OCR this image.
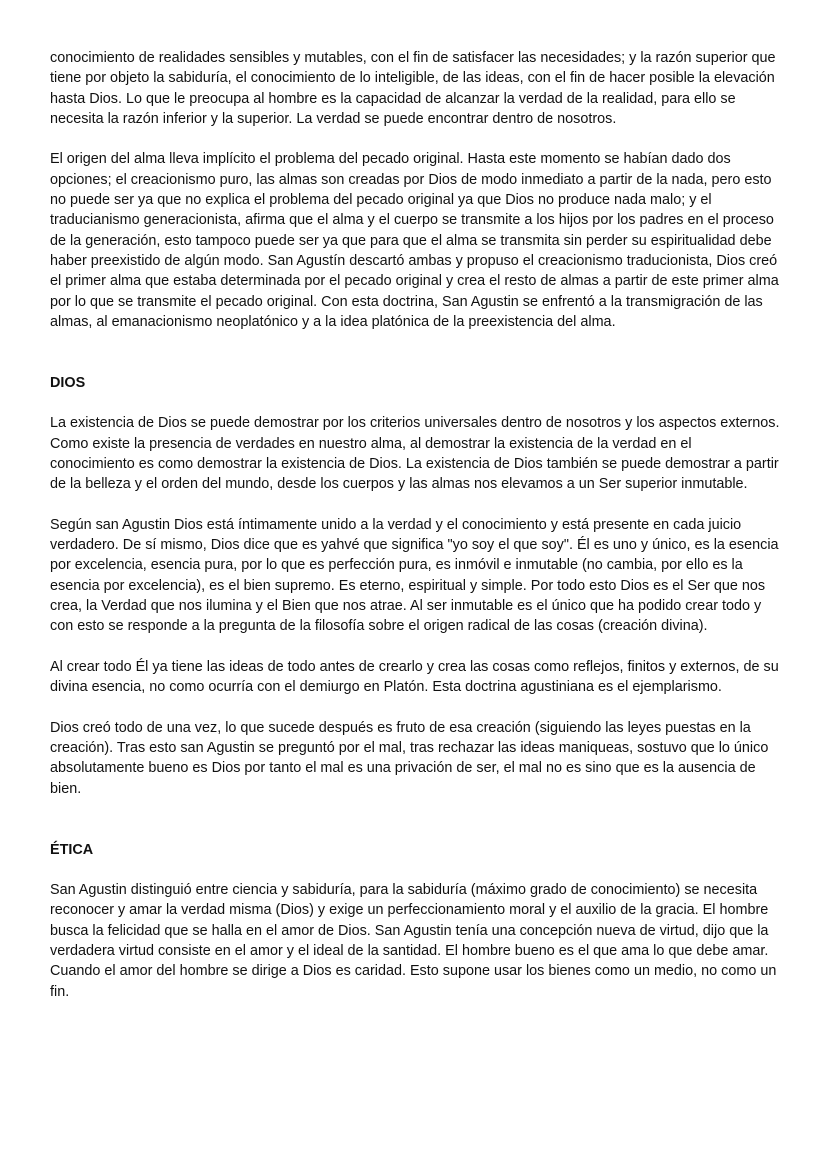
conocimiento de realidades sensibles y mutables, con el fin de satisfacer las necesidades; y la razón superior que tiene por objeto la sabiduría, el conocimiento de lo inteligible, de las ideas, con el fin de hacer posible la elevación hasta Dios. Lo que le preocupa al hombre es la capacidad de alcanzar la verdad de la realidad, para ello se necesita la razón inferior y la superior. La verdad se puede encontrar dentro de nosotros.

El origen del alma lleva implícito el problema del pecado original. Hasta este momento se habían dado dos opciones; el creacionismo puro, las almas son creadas por Dios de modo inmediato a partir de la nada, pero esto no puede ser ya que no explica el problema del pecado original ya que Dios no produce nada malo; y el traducianismo generacionista, afirma que el alma y el cuerpo se transmite a los hijos por los padres en el proceso de la generación, esto tampoco puede ser ya que para que el alma se transmita sin perder su espiritualidad debe haber preexistido de algún modo. San Agustín descartó ambas y propuso el creacionismo traducionista, Dios creó el primer alma que estaba determinada por el pecado original y crea el resto de almas a partir de este primer alma por lo que se transmite el pecado original. Con esta doctrina, San Agustin se enfrentó a la transmigración de las almas, al emanacionismo neoplatónico y a la idea platónica de la preexistencia del alma.

DIOS

La existencia de Dios se puede demostrar por los criterios universales dentro de nosotros y los aspectos externos. Como existe la presencia de verdades en nuestro alma, al demostrar la existencia de la verdad en el conocimiento es como demostrar la existencia de Dios. La existencia de Dios también se puede demostrar a partir de la belleza y el orden del mundo, desde los cuerpos y las almas nos elevamos a un Ser superior inmutable.

Según san Agustin Dios está íntimamente unido a la verdad y el conocimiento y está presente en cada juicio verdadero. De sí mismo, Dios dice que es yahvé que significa "yo soy el que soy". Él es uno y único, es la esencia por excelencia, esencia pura, por lo que es perfección pura, es inmóvil e inmutable (no cambia, por ello es la esencia por excelencia), es el bien supremo. Es eterno, espiritual y simple. Por todo esto Dios es el Ser que nos crea, la Verdad que nos ilumina y el Bien que nos atrae. Al ser inmutable es el único que ha podido crear todo y con esto se responde a la pregunta de la filosofía sobre el origen radical de las cosas (creación divina).

Al crear todo Él ya tiene las ideas de todo antes de crearlo y crea las cosas como reflejos, finitos y externos, de su divina esencia, no como ocurría con el demiurgo en Platón. Esta doctrina agustiniana es el ejemplarismo.

Dios creó todo de una vez, lo que sucede después es fruto de esa creación (siguiendo las leyes puestas en la creación). Tras esto san Agustin se preguntó por el mal, tras rechazar las ideas maniqueas, sostuvo que lo único absolutamente bueno es Dios por tanto el mal es una privación de ser, el mal no es sino que es la ausencia de bien.

ÉTICA

San Agustin distinguió entre ciencia y sabiduría, para la sabiduría (máximo grado de conocimiento) se necesita reconocer y amar la verdad misma (Dios) y exige un perfeccionamiento moral y el auxilio de la gracia. El hombre busca la felicidad que se halla en el amor de Dios. San Agustin tenía una concepción nueva de virtud, dijo que la verdadera virtud consiste en el amor y el ideal de la santidad. El hombre bueno es el que ama lo que debe amar. Cuando el amor del hombre se dirige a Dios es caridad. Esto supone usar los bienes como un medio, no como un fin.
